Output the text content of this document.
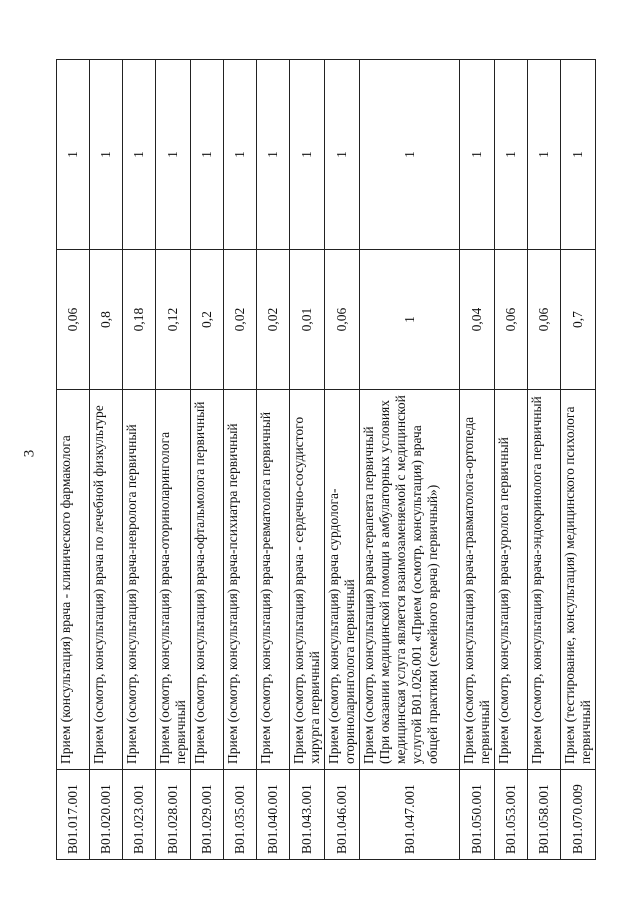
3
B01.017.001	Прием (консультация) врача - клинического фармаколога	0,06	1
B01.020.001	Прием (осмотр, консультация) врача по лечебной физкультуре	0,8	1
B01.023.001	Прием (осмотр, консультация) врача-невролога первичный	0,18	1
B01.028.001	Прием (осмотр, консультация) врача-оториноларинголога первичный	0,12	1
B01.029.001	Прием (осмотр, консультация) врача-офтальмолога первичный	0,2	1
B01.035.001	Прием (осмотр, консультация) врача-психиатра первичный	0,02	1
B01.040.001	Прием (осмотр, консультация) врача-ревматолога первичный	0,02	1
B01.043.001	Прием (осмотр, консультация) врача - сердечно-сосудистого хирурга первичный	0,01	1
B01.046.001	Прием (осмотр, консультация) врача сурдолога-оториноларинголога первичный	0,06	1
B01.047.001	Прием (осмотр, консультация) врача-терапевта первичный (При оказании медицинской помощи в амбулаторных условиях медицинская услуга является взаимозаменяемой с медицинской услугой B01.026.001 «Прием (осмотр, консультация) врача общей практики (семейного врача) первичный»)	1	1
B01.050.001	Прием (осмотр, консультация) врача-травматолога-ортопеда первичный	0,04	1
B01.053.001	Прием (осмотр, консультация) врача-уролога первичный	0,06	1
B01.058.001	Прием (осмотр, консультация) врача-эндокринолога первичный	0,06	1
B01.070.009	Прием (тестирование, консультация) медицинского психолога первичный	0,7	1
